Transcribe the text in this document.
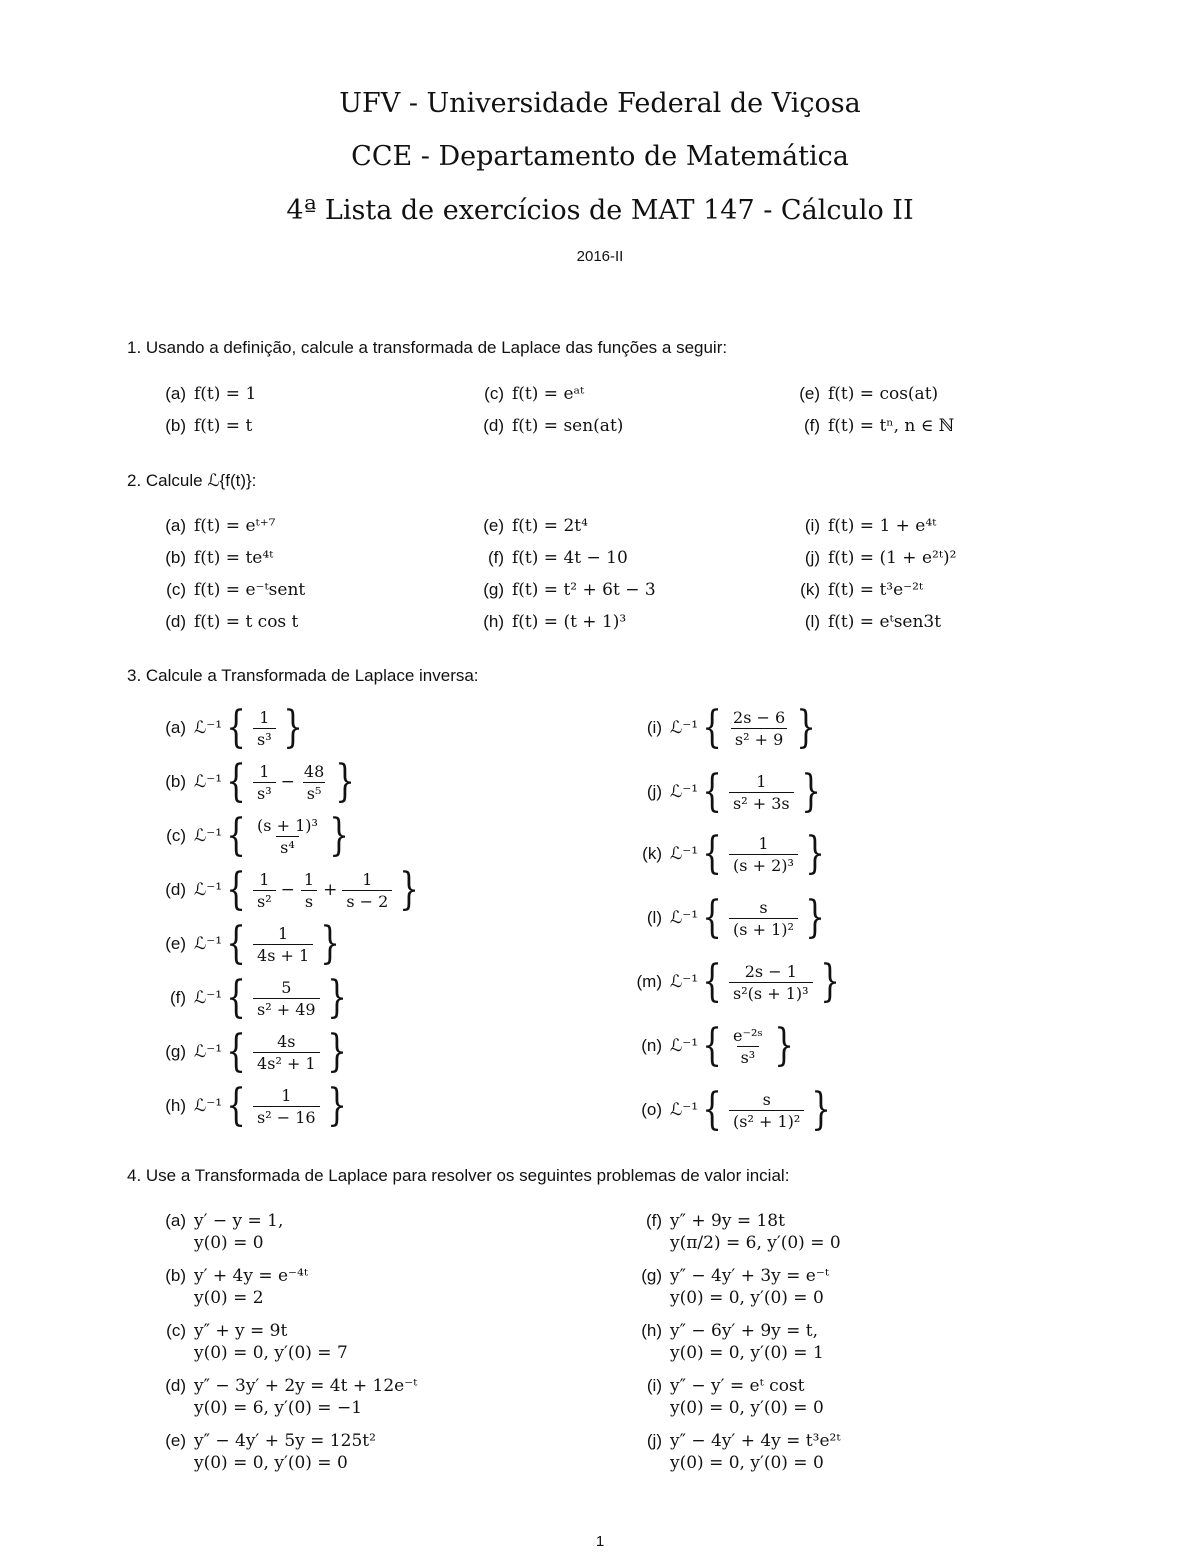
UFV - Universidade Federal de Viçosa
CCE - Departamento de Matemática
4ª Lista de exercícios de MAT 147 - Cálculo II
2016-II
1. Usando a definição, calcule a transformada de Laplace das funções a seguir:
(a) f(t) = 1
(b) f(t) = t
(c) f(t) = eᵃᵗ
(d) f(t) = sen(at)
(e) f(t) = cos(at)
(f) f(t) = tⁿ, n ∈ ℕ
2. Calcule ℒ{f(t)}:
(a) f(t) = eᵗ⁺⁷
(b) f(t) = te⁴ᵗ
(c) f(t) = e⁻ᵗsent
(d) f(t) = t cos t
(e) f(t) = 2t⁴
(f) f(t) = 4t − 10
(g) f(t) = t² + 6t − 3
(h) f(t) = (t + 1)³
(i) f(t) = 1 + e⁴ᵗ
(j) f(t) = (1 + e²ᵗ)²
(k) f(t) = t³e⁻²ᵗ
(l) f(t) = eᵗsen3t
3. Calcule a Transformada de Laplace inversa:
(a) ℒ⁻¹ { $\frac{1}{\text{s³}}$ }
(b) ℒ⁻¹ { $\frac{1}{\text{s³}} - \frac{48}{\text{s⁵}}$ }
(c) ℒ⁻¹ { $\frac{\text{(s + 1)³}}{\text{s⁴}}$ }
(d) ℒ⁻¹ { $\frac{1}{\text{s²}} - \frac{1}{s} + \frac{1}{s - 2}$ }
(e) ℒ⁻¹ { $\frac{1}{4s + 1}$ }
(f) ℒ⁻¹ { $\frac{5}{\text{s² + 49}}$ }
(g) ℒ⁻¹ { $\frac{4s}{\text{4s² + 1}}$ }
(h) ℒ⁻¹ { $\frac{1}{\text{s² − 16}}$ }
(i) ℒ⁻¹ { $\frac{2s - 6}{\text{s² + 9}}$ }
(j) ℒ⁻¹ { $\frac{1}{\text{s² + 3s}}$ }
(k) ℒ⁻¹ { $\frac{1}{\text{(s + 2)³}}$ }
(l) ℒ⁻¹ { $\frac{s}{\text{(s + 1)²}}$ }
(m) ℒ⁻¹ { $\frac{2s - 1}{\text{s²(s + 1)³}}$ }
(n) ℒ⁻¹ { $\frac{\text{e⁻²ˢ}}{\text{s³}}$ }
(o) ℒ⁻¹ { $\frac{s}{\text{(s² + 1)²}}$ }
4. Use a Transformada de Laplace para resolver os seguintes problemas de valor incial:
(a) y′ − y = 1,
y(0) = 0
(b) y′ + 4y = e⁻⁴ᵗ
y(0) = 2
(c) y″ + y = 9t
y(0) = 0, y′(0) = 7
(d) y″ − 3y′ + 2y = 4t + 12e⁻ᵗ
y(0) = 6, y′(0) = −1
(e) y″ − 4y′ + 5y = 125t²
y(0) = 0, y′(0) = 0
(f) y″ + 9y = 18t
y(π/2) = 6, y′(0) = 0
(g) y″ − 4y′ + 3y = e⁻ᵗ
y(0) = 0, y′(0) = 0
(h) y″ − 6y′ + 9y = t,
y(0) = 0, y′(0) = 1
(i) y″ − y′ = eᵗ cost
y(0) = 0, y′(0) = 0
(j) y″ − 4y′ + 4y = t³e²ᵗ
y(0) = 0, y′(0) = 0
1
